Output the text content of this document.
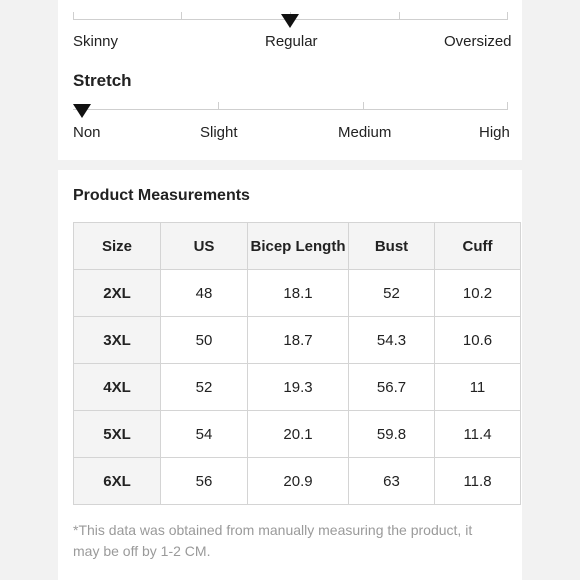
Skinny	Regular	Oversized
Stretch
Non	Slight	Medium	High
Product Measurements
Size	US	Bicep Length	Bust	Cuff
2XL	48	18.1	52	10.2
3XL	50	18.7	54.3	10.6
4XL	52	19.3	56.7	11
5XL	54	20.1	59.8	11.4
6XL	56	20.9	63	11.8
*This data was obtained from manually measuring the product, it may be off by 1-2 CM.
